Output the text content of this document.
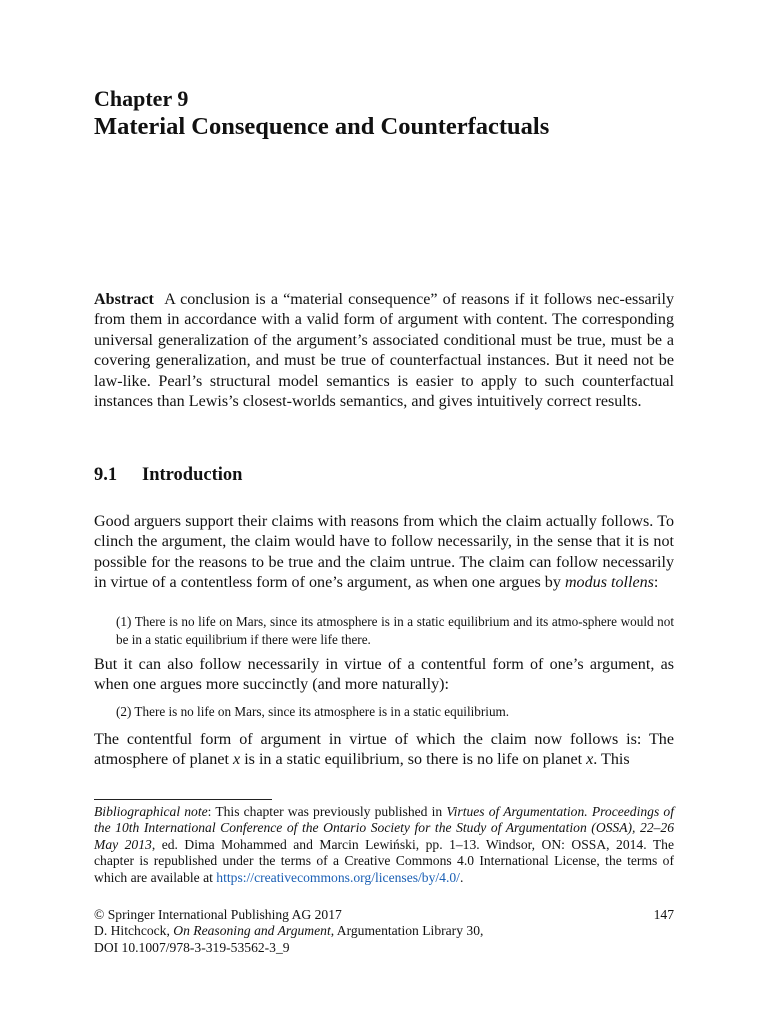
Chapter 9
Material Consequence and Counterfactuals

Abstract A conclusion is a “material consequence” of reasons if it follows nec-essarily from them in accordance with a valid form of argument with content. The corresponding universal generalization of the argument’s associated conditional must be true, must be a covering generalization, and must be true of counterfactual instances. But it need not be law-like. Pearl’s structural model semantics is easier to apply to such counterfactual instances than Lewis’s closest-worlds semantics, and gives intuitively correct results.

9.1 Introduction

Good arguers support their claims with reasons from which the claim actually follows. To clinch the argument, the claim would have to follow necessarily, in the sense that it is not possible for the reasons to be true and the claim untrue. The claim can follow necessarily in virtue of a contentless form of one’s argument, as when one argues by modus tollens:

(1) There is no life on Mars, since its atmosphere is in a static equilibrium and its atmo-sphere would not be in a static equilibrium if there were life there.

But it can also follow necessarily in virtue of a contentful form of one’s argument, as when one argues more succinctly (and more naturally):

(2) There is no life on Mars, since its atmosphere is in a static equilibrium.

The contentful form of argument in virtue of which the claim now follows is: The atmosphere of planet x is in a static equilibrium, so there is no life on planet x. This

Bibliographical note: This chapter was previously published in Virtues of Argumentation. Proceedings of the 10th International Conference of the Ontario Society for the Study of Argumentation (OSSA), 22–26 May 2013, ed. Dima Mohammed and Marcin Lewiński, pp. 1–13. Windsor, ON: OSSA, 2014. The chapter is republished under the terms of a Creative Commons 4.0 International License, the terms of which are available at https://creativecommons.org/licenses/by/4.0/.

© Springer International Publishing AG 2017
D. Hitchcock, On Reasoning and Argument, Argumentation Library 30,
DOI 10.1007/978-3-319-53562-3_9
147
